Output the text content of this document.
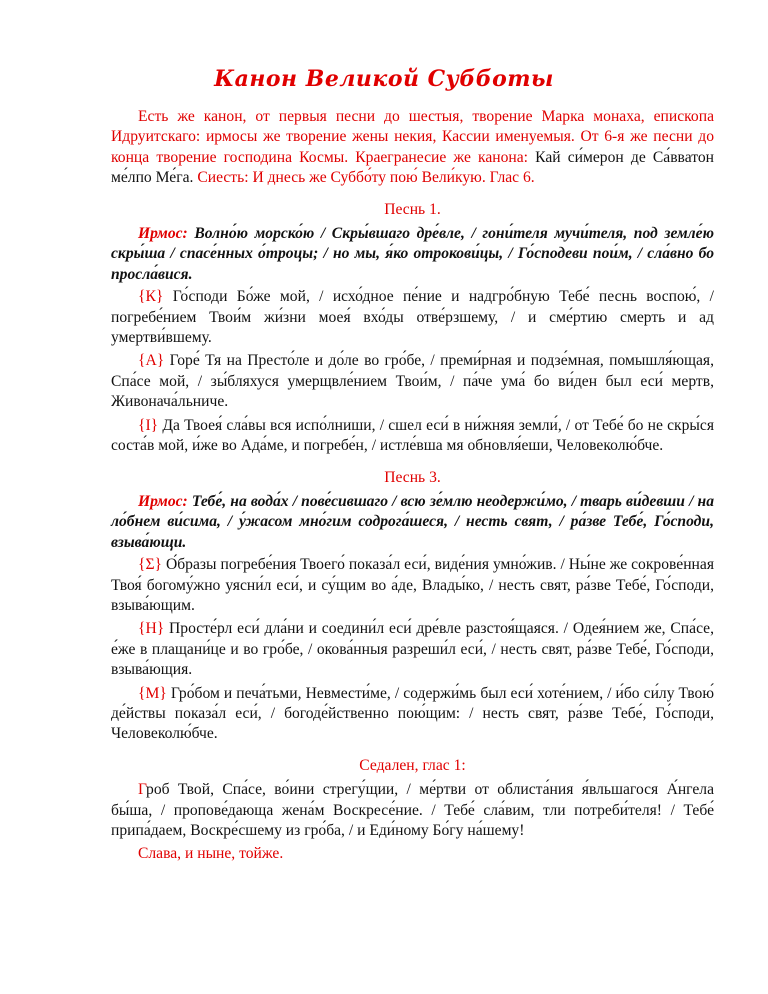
Канон Великой Субботы

Есть же канон, от первыя песни до шестыя, творение Марка монаха, епископа Идруитскаго: ирмосы же творение жены некия, Кассии именуемыя. От 6-я же песни до конца творение господина Космы. Краегранесие же канона: Кай си́мерон де Са́вватон ме́лпо Ме́га. Сиесть: И днесь же Суббо́ту пою́ Вели́кую. Глас 6.

Песнь 1.

Ирмос: Волно́ю морско́ю / Скры́вшаго дре́вле, / гони́теля мучи́теля, под земле́ю скры́ша / спасе́нных о́троцы; / но мы, я́ко отрокови́цы, / Го́сподеви пои́м, / сла́вно бо просла́вися.

{К} Го́споди Бо́же мой, / исхо́дное пе́ние и надгро́бную Тебе́ песнь воспою́, / погребе́нием Твои́м жи́зни моея́ вхо́ды отве́рзшему, / и сме́ртию смерть и ад умертви́вшему.

{А} Горе́ Тя на Престо́ле и до́ле во гро́бе, / преми́рная и подзе́мная, помышля́ющая, Спа́се мой, / зы́бляхуся умерщвле́нием Твои́м, / па́че ума́ бо ви́ден был еси́ мертв, Живонача́льниче.

{І} Да Твоея́ сла́вы вся испо́лниши, / сшел еси́ в ни́жняя земли́, / от Тебе́ бо не скры́ся соста́в мой, и́же во Ада́ме, и погребе́н, / истле́вша мя обновля́еши, Человеколю́бче.

Песнь 3.

Ирмос: Тебе́, на вода́х / пове́сившаго / всю зе́млю неодержи́мо, / тварь ви́девши / на ло́бнем ви́сима, / у́жасом мно́гим содрога́шеся, / несть свят, / ра́зве Тебе́, Го́споди, взыва́ющи.

{Σ} О́бразы погребе́ния Твоего́ показа́л еси́, виде́ния умно́жив. / Ны́не же сокрове́нная Твоя́ богому́жно уясни́л еси́, и су́щим во а́де, Влады́ко, / несть свят, ра́зве Тебе́, Го́споди, взыва́ющим.

{Н} Просте́рл еси́ дла́ни и соедини́л еси́ дре́вле разстоя́щаяся. / Одея́нием же, Спа́се, е́же в плащани́це и во гро́бе, / окова́нныя разреши́л еси́, / несть свят, ра́зве Тебе́, Го́споди, взыва́ющия.

{М} Гро́бом и печа́тьми, Невмести́ме, / содержи́мь был еси́ хоте́нием, / и́бо си́лу Твою́ де́йствы показа́л еси́, / богоде́йственно пою́щим: / несть свят, ра́зве Тебе́, Го́споди, Человеколю́бче.

Седален, глас 1:

Гроб Твой, Спа́се, во́ини стрегу́щии, / ме́ртви от облиста́ния я́вльшагося А́нгела бы́ша, / пропове́дающа жена́м Воскресе́ние. / Тебе́ сла́вим, тли потреби́теля! / Тебе́ припа́даем, Воскре́сшему из гро́ба, / и Еди́ному Бо́гу на́шему!

Слава, и ныне, тойже.
